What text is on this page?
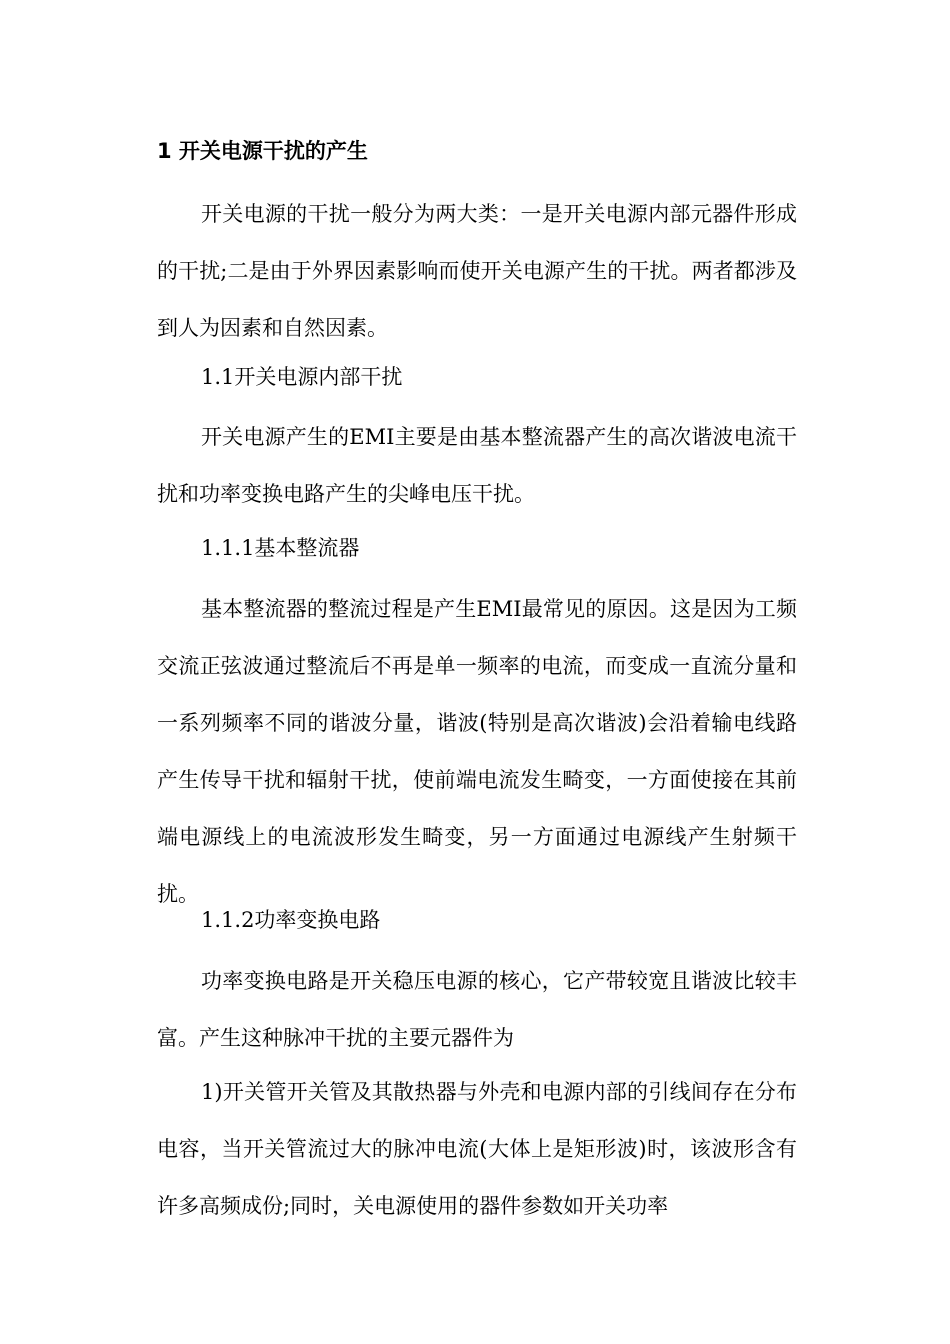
1 开关电源干扰的产生
开关电源的干扰一般分为两大类：一是开关电源内部元器件形成的干扰;二是由于外界因素影响而使开关电源产生的干扰。两者都涉及到人为因素和自然因素。
1.1开关电源内部干扰
开关电源产生的EMI主要是由基本整流器产生的高次谐波电流干扰和功率变换电路产生的尖峰电压干扰。
1.1.1基本整流器
基本整流器的整流过程是产生EMI最常见的原因。这是因为工频交流正弦波通过整流后不再是单一频率的电流，而变成一直流分量和一系列频率不同的谐波分量，谐波(特别是高次谐波)会沿着输电线路产生传导干扰和辐射干扰，使前端电流发生畸变，一方面使接在其前端电源线上的电流波形发生畸变，另一方面通过电源线产生射频干扰。
1.1.2功率变换电路
功率变换电路是开关稳压电源的核心，它产带较宽且谐波比较丰富。产生这种脉冲干扰的主要元器件为
1)开关管开关管及其散热器与外壳和电源内部的引线间存在分布电容，当开关管流过大的脉冲电流(大体上是矩形波)时，该波形含有许多高频成份;同时，关电源使用的器件参数如开关功率
